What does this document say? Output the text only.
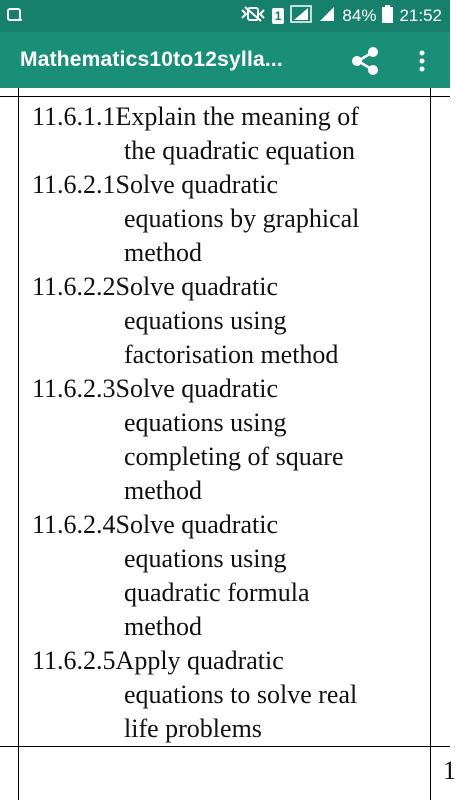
1	84% 21:52
Mathematics10to12sylla...
11.6.1.1 Explain the meaning of
the quadratic equation
11.6.2.1 Solve quadratic
equations by graphical
method
11.6.2.2 Solve quadratic
equations using
factorisation method
11.6.2.3 Solve quadratic
equations using
completing of square
method
11.6.2.4 Solve quadratic
equations using
quadratic formula
method
11.6.2.5 Apply quadratic
equations to solve real
life problems
1
